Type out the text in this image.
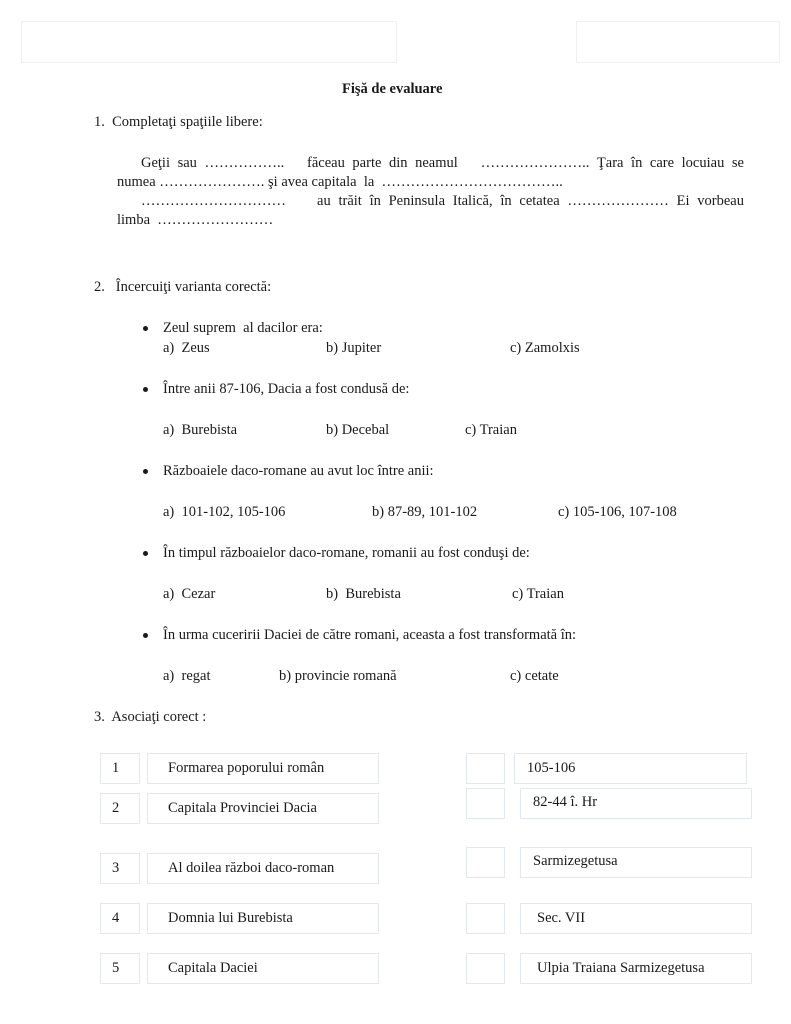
Fişă de evaluare
1.  Completaţi spaţiile libere:
Geţii sau ……………..   făceau parte din neamul   ………………….. Ţara în care locuiau se
numea …………………. şi avea capitala  la  ………………………………..
…………………………    au trăit în Peninsula Italică, în cetatea ………………… Ei vorbeau
limba  ……………………
2.   Încercuiţi varianta corectă:
Zeul suprem  al dacilor era:
a)  Zeus	b) Jupiter	c) Zamolxis
Între anii 87-106, Dacia a fost condusă de:
a)  Burebista	b) Decebal	c) Traian
Războaiele daco-romane au avut loc între anii:
a)  101-102, 105-106	b) 87-89, 101-102	c) 105-106, 107-108
În timpul războaielor daco-romane, romanii au fost conduşi de:
a)  Cezar	b)  Burebista	c) Traian
În urma cuceririi Daciei de către romani, aceasta a fost transformată în:
a)  regat	b) provincie romană	c) cetate
3.  Asociaţi corect :
1	Formarea poporului român
2	Capitala Provinciei Dacia
3	Al doilea război daco-roman
4	Domnia lui Burebista
5	Capitala Daciei
105-106
82-44 î. Hr
Sarmizegetusa
Sec. VII
Ulpia Traiana Sarmizegetusa
